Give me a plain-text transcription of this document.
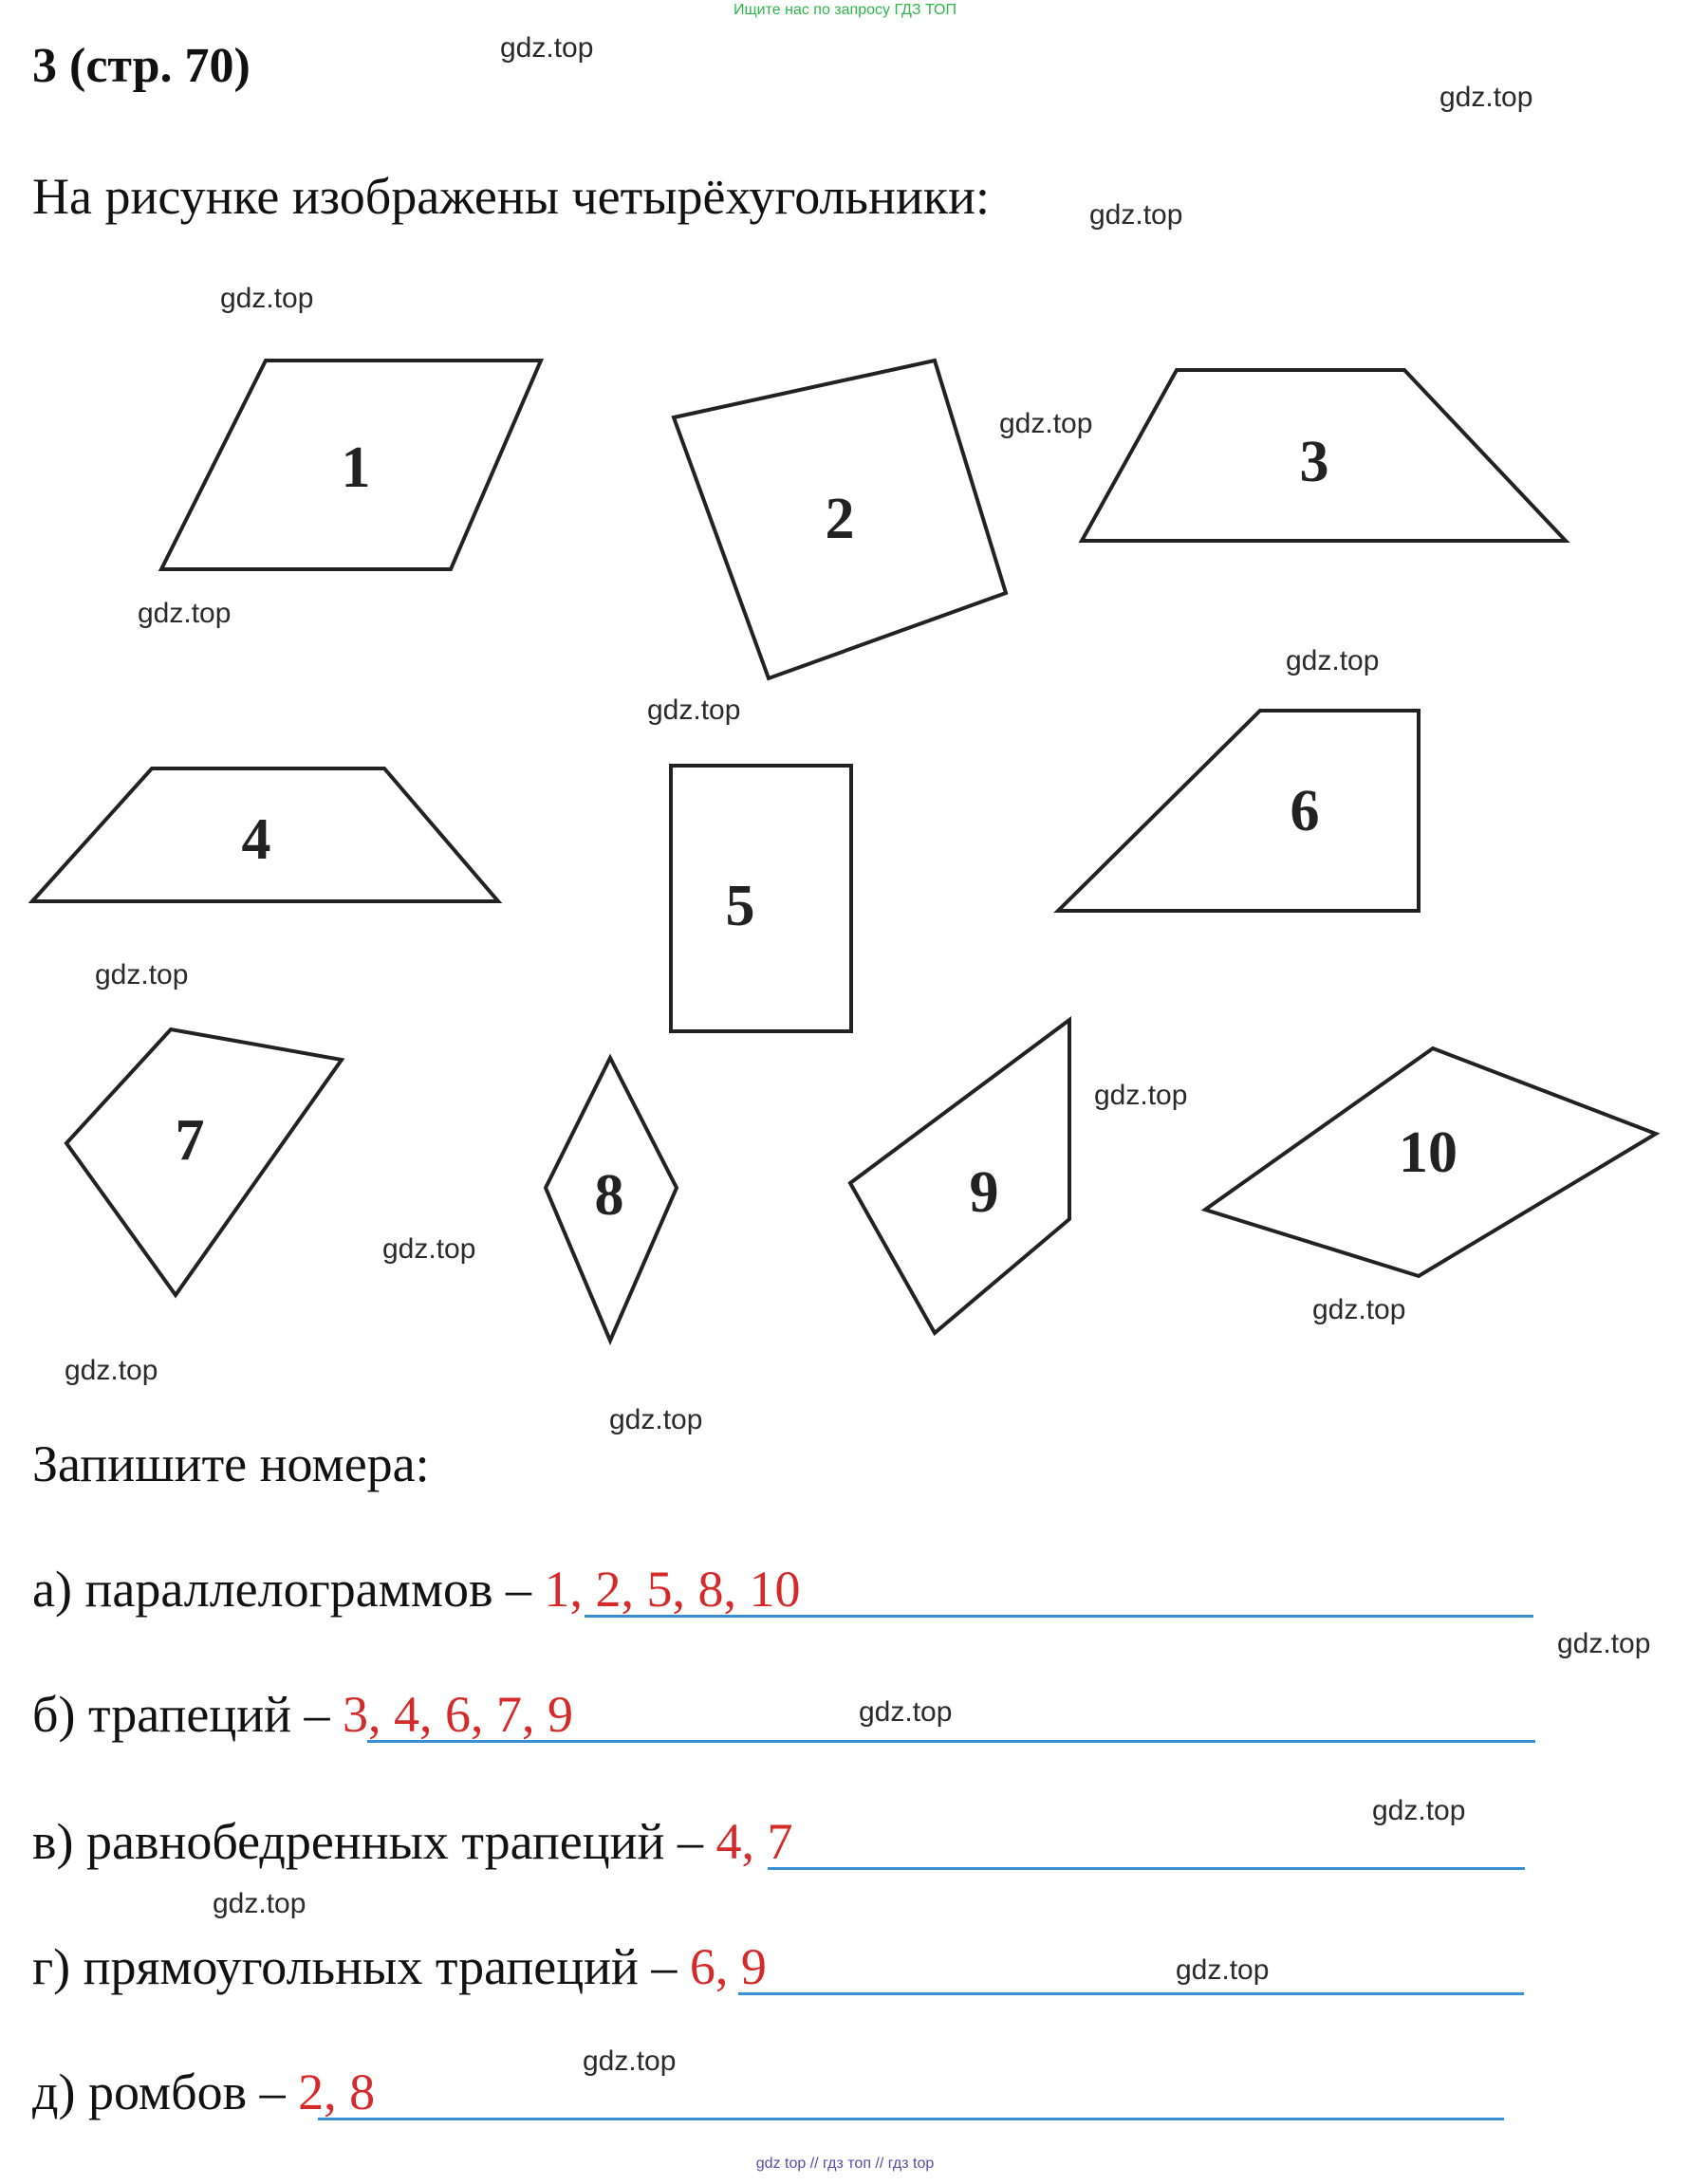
Ищите нас по запросу ГДЗ ТОП
3 (стр. 70)
На рисунке изображены четырёхугольники:
1
2
3
4
5
6
7
8	9
10
Запишите номера:
а) параллелограммов – 1, 2, 5, 8, 10
б) трапеций – 3, 4, 6, 7, 9
в) равнобедренных трапеций – 4, 7
г) прямоугольных трапеций – 6, 9
д) ромбов – 2, 8
gdz.top
gdz.top
gdz.top
gdz.top
gdz.top
gdz.top
gdz.top
gdz.top
gdz.top
gdz.top
gdz.top
gdz.top
gdz.top
gdz.top
gdz.top
gdz.top
gdz.top
gdz.top
gdz.top
gdz.top
gdz top // гдз топ // гдз top
